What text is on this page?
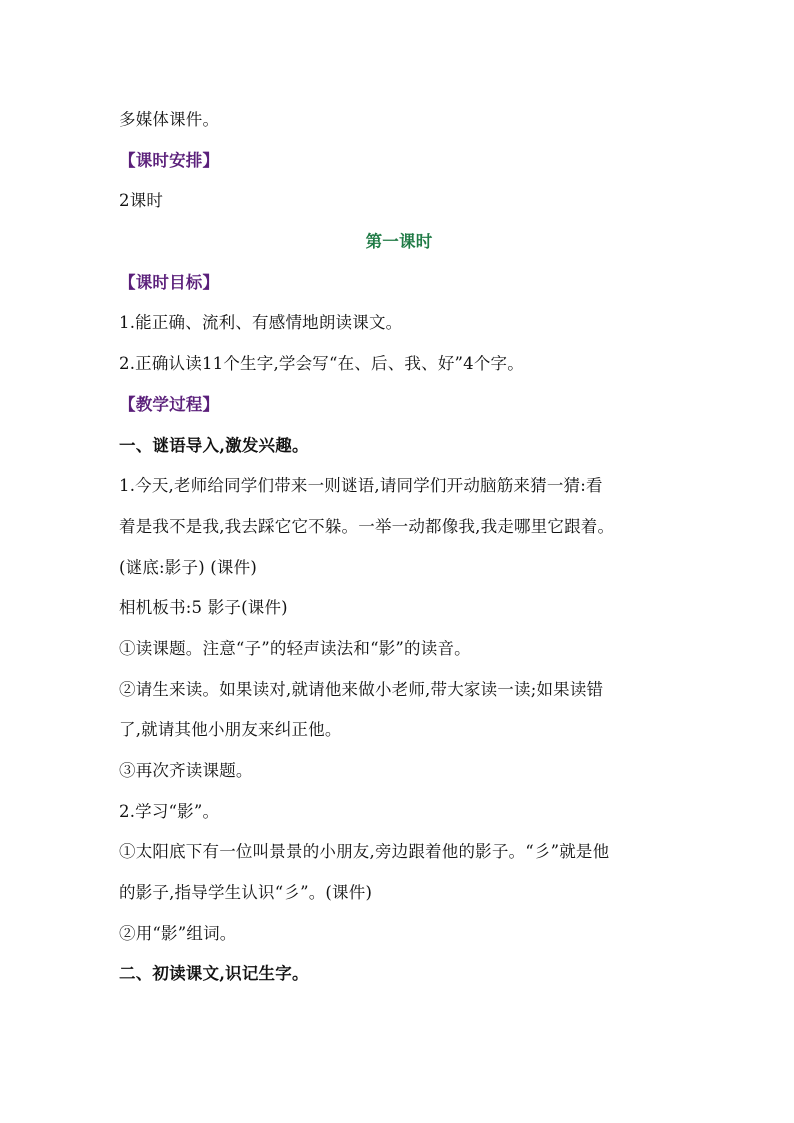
多媒体课件。
【课时安排】
2课时
第一课时
【课时目标】
1.能正确、流利、有感情地朗读课文。
2.正确认读11个生字,学会写“在、后、我、好”4个字。
【教学过程】
一、谜语导入,激发兴趣。
1.今天,老师给同学们带来一则谜语,请同学们开动脑筋来猜一猜:看
着是我不是我,我去踩它它不躲。一举一动都像我,我走哪里它跟着。
(谜底:影子) (课件)
相机板书:5 影子(课件)
①读课题。注意“子”的轻声读法和“影”的读音。
②请生来读。如果读对,就请他来做小老师,带大家读一读;如果读错
了,就请其他小朋友来纠正他。
③再次齐读课题。
2.学习“影”。
①太阳底下有一位叫景景的小朋友,旁边跟着他的影子。“彡”就是他
的影子,指导学生认识“彡”。(课件)
②用“影”组词。
二、初读课文,识记生字。
